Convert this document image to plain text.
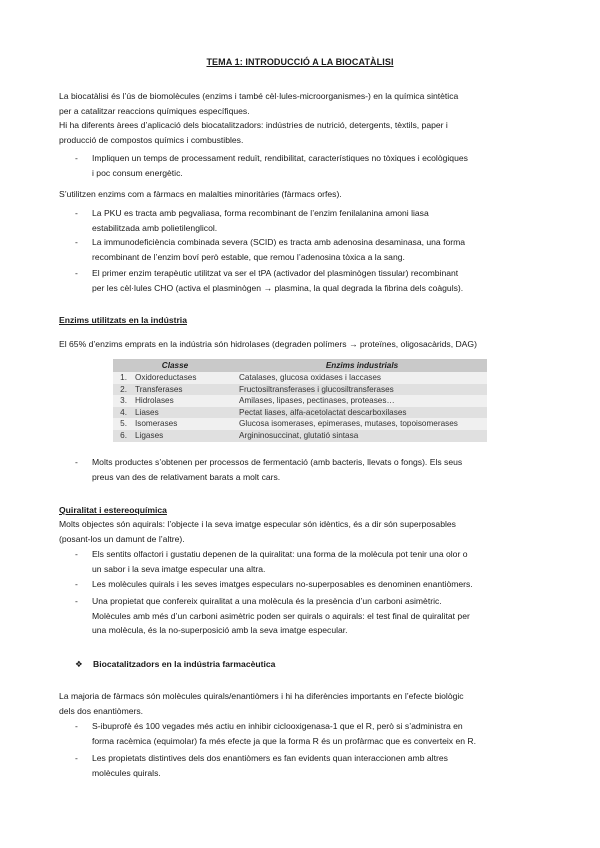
TEMA 1: INTRODUCCIÓ A LA BIOCATÀLISI
La biocatàlisi és l’ús de biomolècules (enzims i també cèl·lules-microorganismes-) en la química sintètica
per a catalitzar reaccions químiques específiques.
Hi ha diferents àrees d’aplicació dels biocatalitzadors: indústries de nutrició, detergents, tèxtils, paper i
producció de compostos químics i combustibles.
- Impliquen un temps de processament reduït, rendibilitat, característiques no tòxiques i ecològiques
i poc consum energètic.
S’utilitzen enzims com a fàrmacs en malalties minoritàries (fàrmacs orfes).
- La PKU es tracta amb pegvaliasa, forma recombinant de l’enzim fenilalanina amoni liasa
estabilitzada amb polietilenglicol.
- La immunodeficiència combinada severa (SCID) es tracta amb adenosina desaminasa, una forma
recombinant de l’enzim boví però estable, que remou l’adenosina tòxica a la sang.
- El primer enzim terapèutic utilitzat va ser el tPA (activador del plasminògen tissular) recombinant
per les cèl·lules CHO (activa el plasminògen → plasmina, la qual degrada la fibrina dels coàguls).
Enzims utilitzats en la indústria
El 65% d’enzims emprats en la indústria són hidrolases (degraden polímers → proteïnes, oligosacàrids, DAG)
Classe		Enzims industrials
1.	Oxidoreductases	Catalases, glucosa oxidases i laccases
2.	Transferases	Fructosiltransferases i glucosiltransferases
3.	Hidrolases	Amilases, lipases, pectinases, proteases…
4.	Liases	Pectat liases, alfa-acetolactat descarboxilases
5.	Isomerases	Glucosa isomerases, epimerases, mutases, topoisomerases
6.	Ligases	Argininosuccinat, glutatió sintasa
- Molts productes s’obtenen per processos de fermentació (amb bacteris, llevats o fongs). Els seus
preus van des de relativament barats a molt cars.
Quiralitat i estereoquímica
Molts objectes són aquirals: l’objecte i la seva imatge especular són idèntics, és a dir són superposables
(posant-los un damunt de l’altre).
- Els sentits olfactori i gustatiu depenen de la quiralitat: una forma de la molècula pot tenir una olor o
un sabor i la seva imatge especular una altra.
- Les molècules quirals i les seves imatges especulars no-superposables es denominen enantiòmers.
- Una propietat que confereix quiralitat a una molècula és la presència d’un carboni asimètric.
Molècules amb més d’un carboni asimètric poden ser quirals o aquirals: el test final de quiralitat per
una molècula, és la no-superposició amb la seva imatge especular.
❖ Biocatalitzadors en la indústria farmacèutica
La majoria de fàrmacs són molècules quirals/enantiòmers i hi ha diferències importants en l’efecte biològic
dels dos enantiòmers.
- S-ibuprofè és 100 vegades més actiu en inhibir ciclooxigenasa-1 que el R, però si s’administra en
forma racèmica (equimolar) fa més efecte ja que la forma R és un profàrmac que es converteix en R.
- Les propietats distintives dels dos enantiòmers es fan evidents quan interaccionen amb altres
molècules quirals.
